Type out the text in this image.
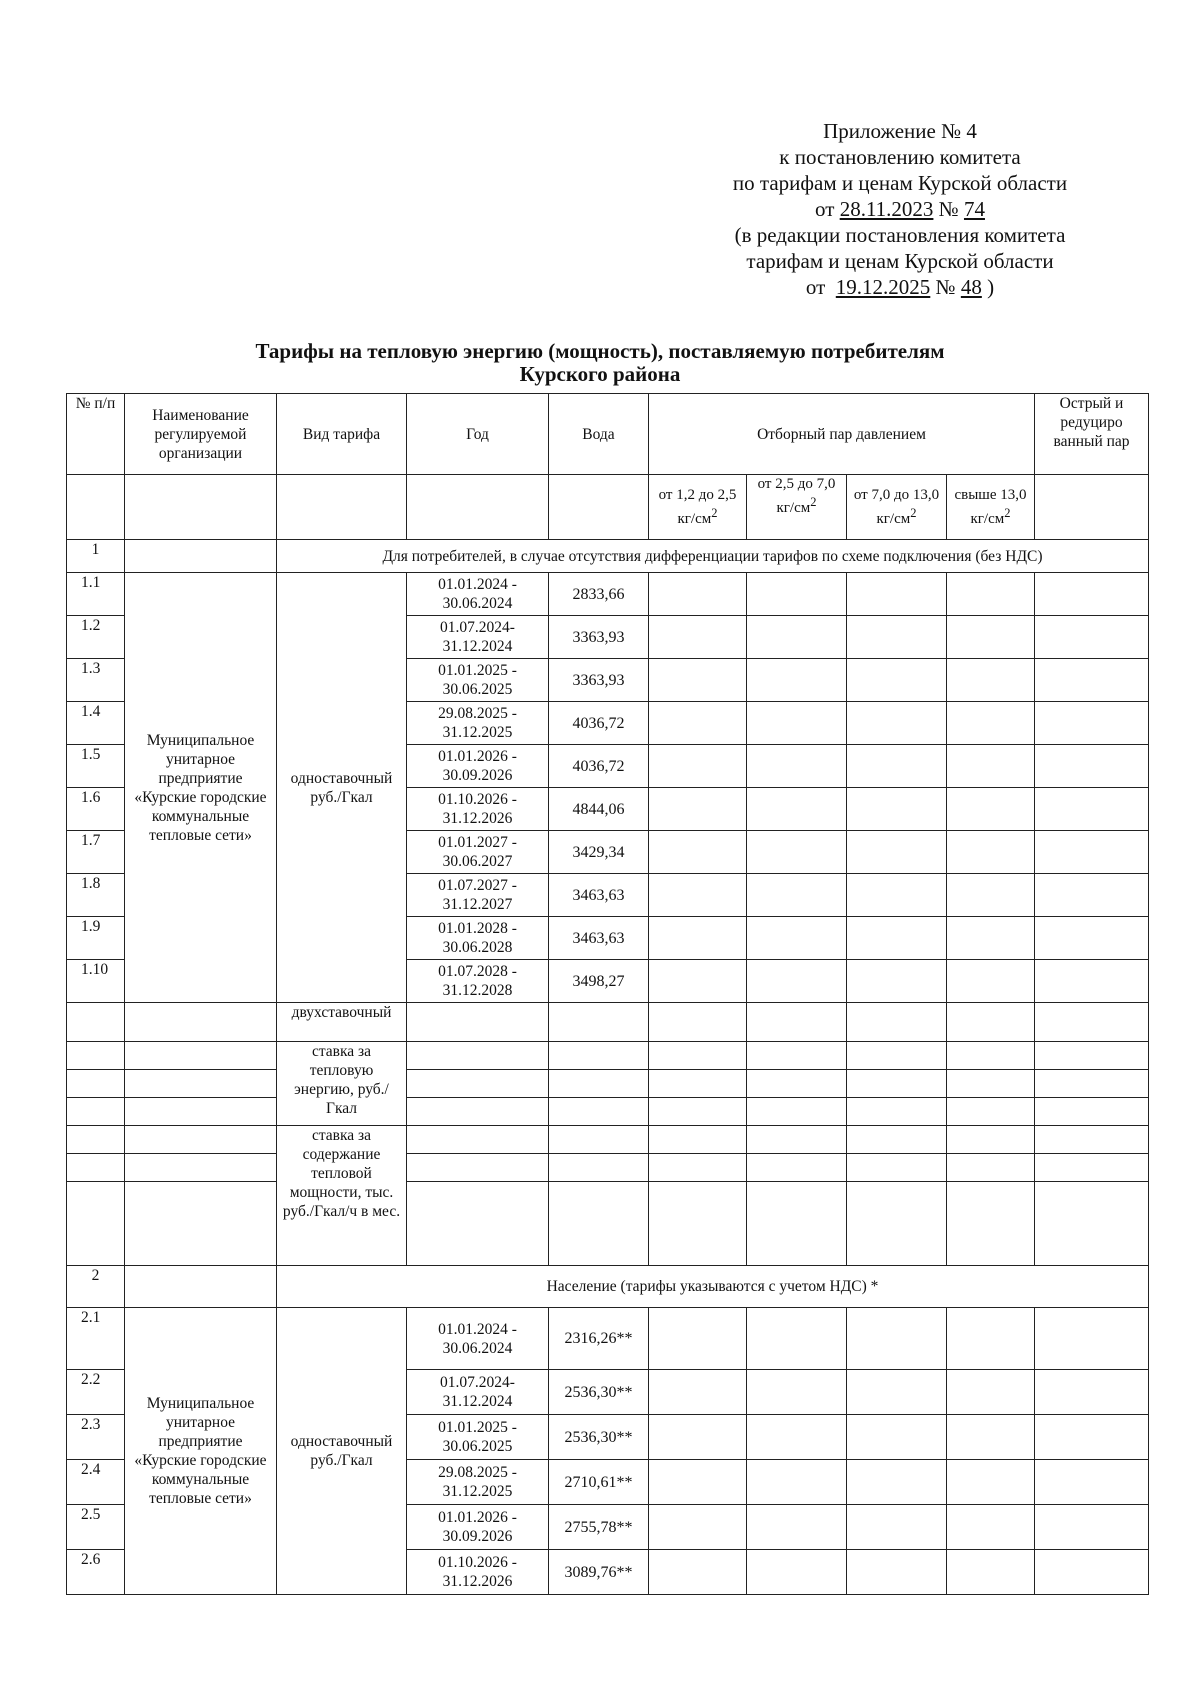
Приложение № 4
к постановлению комитета
по тарифам и ценам Курской области
от 28.11.2023 № 74
(в редакции постановления комитета
тарифам и ценам Курской области
от 19.12.2025 № 48 )
Тарифы на тепловую энергию (мощность), поставляемую потребителям
Курского района
№ п/п	Наименование регулируемой организации	Вид тарифа	Год	Вода	Отборный пар давлением				Острый и редуциро ванный пар
					от 1,2 до 2,5 $кг/см^2$	от 2,5 до 7,0 $кг/см^2$	от 7,0 до 13,0 $кг/см^2$	свыше 13,0 $кг/см^2$	
1		Для потребителей, в случае отсутствия дифференциации тарифов по схеме подключения (без НДС)							
1.1	Муниципальное унитарное предприятие «Курские городские коммунальные тепловые сети»	одноставочный руб./Гкал	01.01.2024 - 30.06.2024	2833,66					
1.2			01.07.2024- 31.12.2024	3363,93					
1.3			01.01.2025 - 30.06.2025	3363,93					
1.4			29.08.2025 - 31.12.2025	4036,72					
1.5			01.01.2026 - 30.09.2026	4036,72					
1.6			01.10.2026 - 31.12.2026	4844,06					
1.7			01.01.2027 - 30.06.2027	3429,34					
1.8			01.07.2027 - 31.12.2027	3463,63					
1.9			01.01.2028 - 30.06.2028	3463,63					
1.10			01.07.2028 - 31.12.2028	3498,27					
		двухставочный							
		ставка за тепловую энергию, руб./Гкал							

		ставка за содержание тепловой мощности, тыс. руб./Гкал/ч в мес.							

2		Население (тарифы указываются с учетом НДС) *							
2.1	Муниципальное унитарное предприятие «Курские городские коммунальные тепловые сети»	одноставочный руб./Гкал	01.01.2024 - 30.06.2024	2316,26**					
2.2			01.07.2024- 31.12.2024	2536,30**					
2.3			01.01.2025 - 30.06.2025	2536,30**					
2.4			29.08.2025 - 31.12.2025	2710,61**					
2.5			01.01.2026 - 30.09.2026	2755,78**					
2.6			01.10.2026 - 31.12.2026	3089,76**					
